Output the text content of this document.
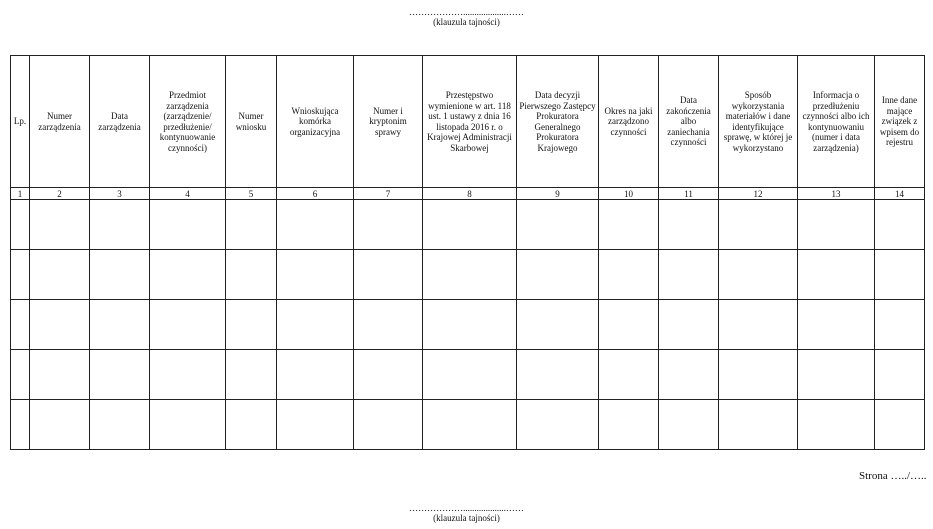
………………...................……
(klauzula tajności)
Lp.	Numer zarządzenia	Data zarządzenia	Przedmiot zarządzenia (zarządzenie/ przedłużenie/ kontynuowanie czynności)	Numer wniosku	Wnioskująca komórka organizacyjna	Numer i kryptonim sprawy	Przestępstwo wymienione w art. 118 ust. 1 ustawy z dnia 16 listopada 2016 r. o Krajowej Administracji Skarbowej	Data decyzji Pierwszego Zastępcy Prokuratora Generalnego Prokuratora Krajowego	Okres na jaki zarządzono czynności	Data zakończenia albo zaniechania czynności	Sposób wykorzystania materiałów i dane identyfikujące sprawę, w której je wykorzystano	Informacja o przedłużeniu czynności albo ich kontynuowaniu (numer i data zarządzenia)	Inne dane mające związek z wpisem do rejestru
1	2	3	4	5	6	7	8	9	10	11	12	13	14

Strona …../…..
………………...................……
(klauzula tajności)
